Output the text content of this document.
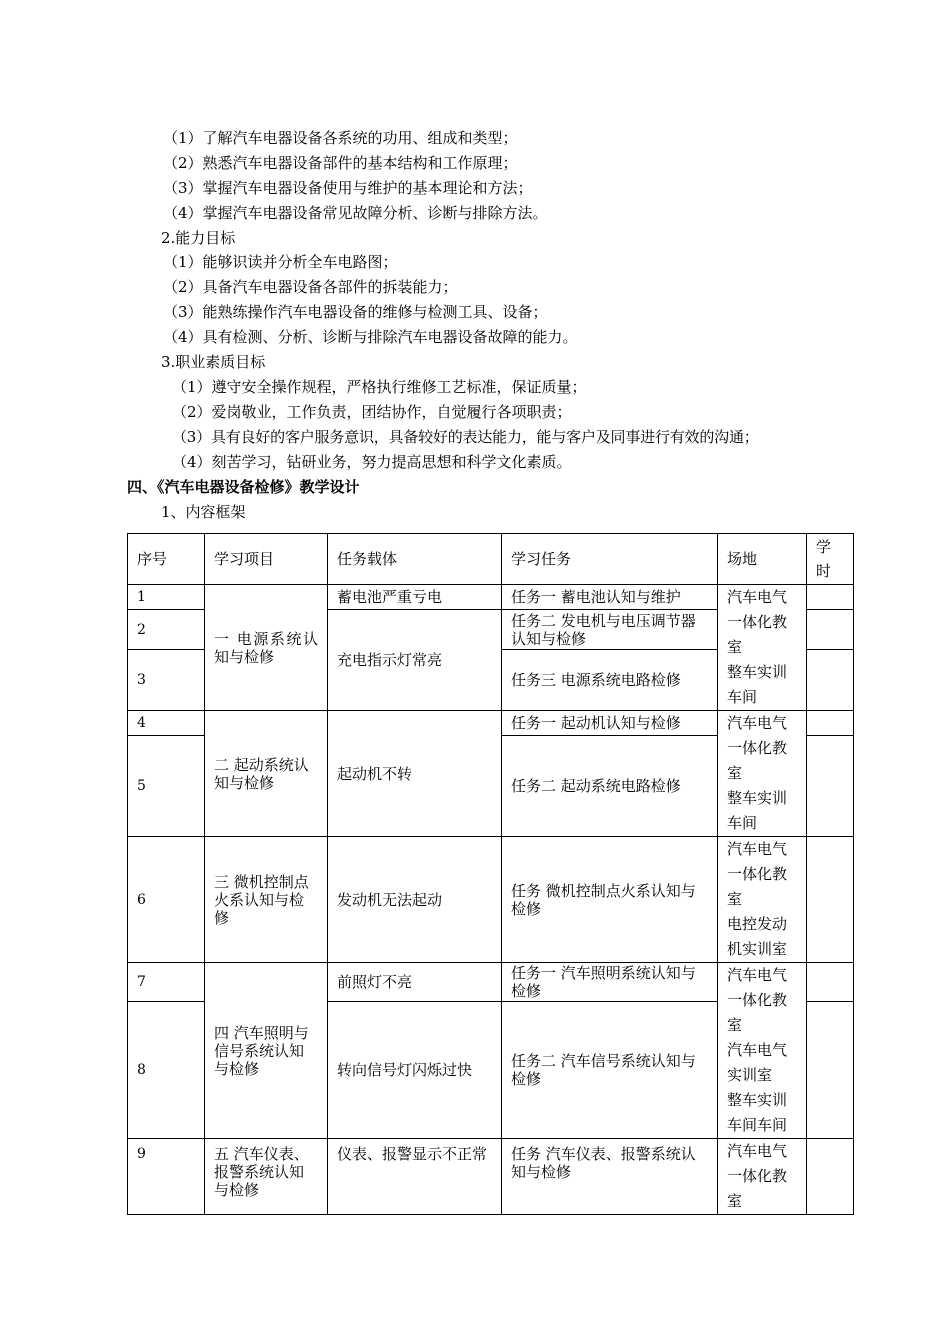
（1）了解汽车电器设备各系统的功用、组成和类型；
（2）熟悉汽车电器设备部件的基本结构和工作原理；
（3）掌握汽车电器设备使用与维护的基本理论和方法；
（4）掌握汽车电器设备常见故障分析、诊断与排除方法。
2.能力目标
（1）能够识读并分析全车电路图；
（2）具备汽车电器设备各部件的拆装能力；
（3）能熟练操作汽车电器设备的维修与检测工具、设备；
（4）具有检测、分析、诊断与排除汽车电器设备故障的能力。
3.职业素质目标
（1）遵守安全操作规程，严格执行维修工艺标准，保证质量；
（2）爱岗敬业，工作负责，团结协作，自觉履行各项职责；
（3）具有良好的客户服务意识，具备较好的表达能力，能与客户及同事进行有效的沟通；
（4）刻苦学习，钻研业务，努力提高思想和科学文化素质。
四、《汽车电器设备检修》教学设计
1、内容框架
序号	学习项目	任务载体	学习任务	场地	学时
1	一 电源系统认知与检修	蓄电池严重亏电	任务一 蓄电池认知与维护	汽车电气一体化教室
整车实训车间	
2		充电指示灯常亮	任务二 发电机与电压调节器认知与检修		
3			任务三 电源系统电路检修		
4	二 起动系统认知与检修	起动机不转	任务一 起动机认知与检修	汽车电气一体化教室
整车实训车间	
5			任务二 起动系统电路检修		
6	三 微机控制点火系认知与检修	发动机无法起动	任务 微机控制点火系认知与检修	汽车电气一体化教室
电控发动机实训室	
7	四 汽车照明与信号系统认知与检修	前照灯不亮	任务一 汽车照明系统认知与检修	汽车电气一体化教室
汽车电气实训室
整车实训车间车间	
8		转向信号灯闪烁过快	任务二 汽车信号系统认知与检修		
9	五 汽车仪表、报警系统认知与检修	仪表、报警显示不正常	任务 汽车仪表、报警系统认知与检修	汽车电气一体化教室	
